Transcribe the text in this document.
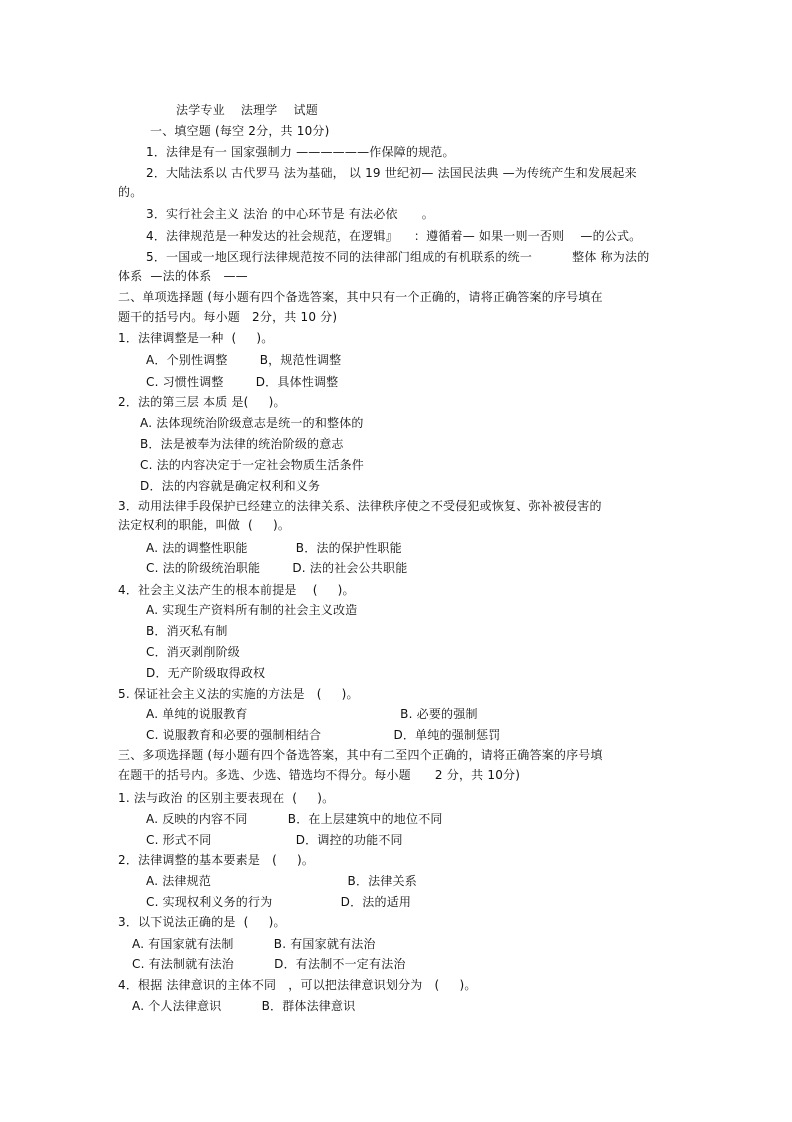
法学专业    法理学    试题
一、填空题 (每空 2分，共 10分)
1．法律是有一 国家强制力 ——————作保障的规范。
2．大陆法系以 古代罗马 法为基础， 以 19 世纪初— 法国民法典 —为传统产生和发展起来
的。
3．实行社会主义 法治 的中心环节是 有法必依      。
4．法律规范是一种发达的社会规范，在逻辑』    ：遵循着— 如果一则一否则    —的公式。
5．一国或一地区现行法律规范按不同的法律部门组成的有机联系的统一          整体 称为法的
体系  —法的体系   ——
二、单项选择题 (每小题有四个备选答案，其中只有一个正确的，请将正确答案的序号填在
题干的括号内。每小题   2分，共 10 分)
1．法律调整是一种  (     )。
A．个别性调整        B，规范性调整
C. 习惯性调整        D．具体性调整
2．法的第三层 本质 是(     )。
A. 法体现统治阶级意志是统一的和整体的
B．法是被奉为法律的统治阶级的意志
C. 法的内容决定于一定社会物质生活条件
D．法的内容就是确定权利和义务
3．动用法律手段保护已经建立的法律关系、法律秩序使之不受侵犯或恢复、弥补被侵害的
法定权利的职能，叫做  (     )。
A. 法的调整性职能            B．法的保护性职能
C. 法的阶级统治职能        D. 法的社会公共职能
4．社会主义法产生的根本前提是    (     )。
A. 实现生产资料所有制的社会主义改造
B．消灭私有制
C．消灭剥削阶级
D．无产阶级取得政权
5. 保证社会主义法的实施的方法是   (     )。
A. 单纯的说服教育                                      B. 必要的强制
C. 说服教育和必要的强制相结合                  D．单纯的强制惩罚
三、多项选择题 (每小题有四个备选答案，其中有二至四个正确的，请将正确答案的序号填
在题干的括号内。多选、少选、错选均不得分。每小题      2 分，共 10分)
1. 法与政治 的区别主要表现在  (     )。
A. 反映的内容不同          B．在上层建筑中的地位不同
C. 形式不同                     D．调控的功能不同
2．法律调整的基本要素是   (     )。
A. 法律规范                                  B．法律关系
C. 实现权利义务的行为                 D．法的适用
3．以下说法正确的是  (     )。
A. 有国家就有法制          B. 有国家就有法治
C. 有法制就有法治          D．有法制不一定有法治
4．根据 法律意识的主体不同   ，可以把法律意识划分为   (     )。
A. 个人法律意识          B．群体法律意识
